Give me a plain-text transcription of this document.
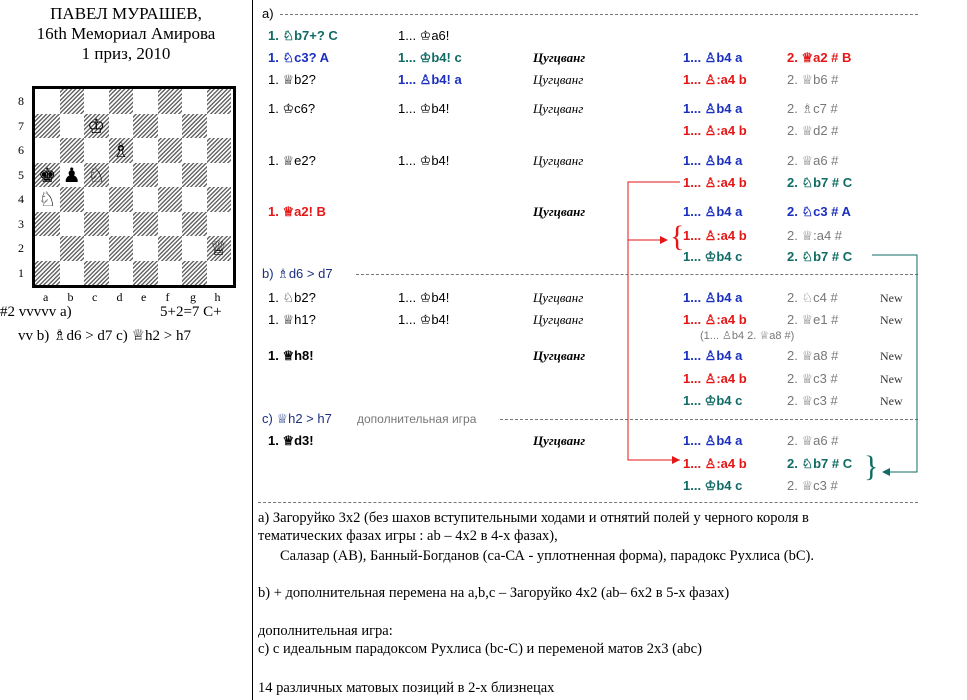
ПАВЕЛ МУРАШЕВ,
16th Мемориал Амирова
1 приз, 2010
♔
♗
♚ ♟ ♘
♘
♕
8
7
6
5
4
3
2
1
a b c d e f g h
#2 vvvvv a)	5+2=7 C+
vv b) ♗d6 > d7 c) ♕h2 > h7
а)
b) ♗d6 > d7
c) ♕h2 > h7 дополнительная игра
1. ♘b7+? C	1... ♔a6!
1. ♘c3? A	1... ♔b4! c	Цугцванг	1... ♙b4 a	2. ♕a2 # B
1. ♕b2?	1... ♙b4! a	Цугцванг	1... ♙:a4 b	2. ♕b6 #
1. ♔c6?	1... ♔b4!	Цугцванг	1... ♙b4 a	2. ♗c7 #
1... ♙:a4 b	2. ♕d2 #
1. ♕e2?	1... ♔b4!	Цугцванг	1... ♙b4 a	2. ♕a6 #
1... ♙:a4 b	2. ♘b7 # C
1. ♕a2! B	Цугцванг	1... ♙b4 a	2. ♘c3 # A
1... ♙:a4 b	2. ♕:a4 #
1... ♔b4 c	2. ♘b7 # C
1. ♘b2?	1... ♔b4!	Цугцванг	1... ♙b4 a	2. ♘c4 #	New
1. ♕h1?	1... ♔b4!	Цугцванг	1... ♙:a4 b	2. ♕e1 #	New
1. ♕h8!	Цугцванг	1... ♙b4 a	2. ♕a8 #	New
1... ♙:a4 b	2. ♕c3 #	New
1... ♔b4 c	2. ♕c3 #	New
1. ♕d3!	Цугцванг	1... ♙b4 a	2. ♕a6 #
1... ♙:a4 b	2. ♘b7 # C
1... ♔b4 c	2. ♕c3 #
(1... ♙b4 2. ♕a8 #)
{
}
a) Загоруйко 3х2 (без шахов вступительными ходами и отнятий полей у черного короля в
тематических фазах игры : ab – 4х2 в 4-х фазах),
Салазар (АВ), Банный-Богданов (са-СА - уплотненная форма), парадокс Рухлиса (bC).
b) + дополнительная перемена на a,b,c – Загоруйко 4х2 (ab– 6х2 в 5-х фазах)
дополнительная игра:
c) с идеальным парадоксом Рухлиса (bc-C) и переменой матов 2х3 (abc)
14 различных матовых позиций в 2-х близнецах
